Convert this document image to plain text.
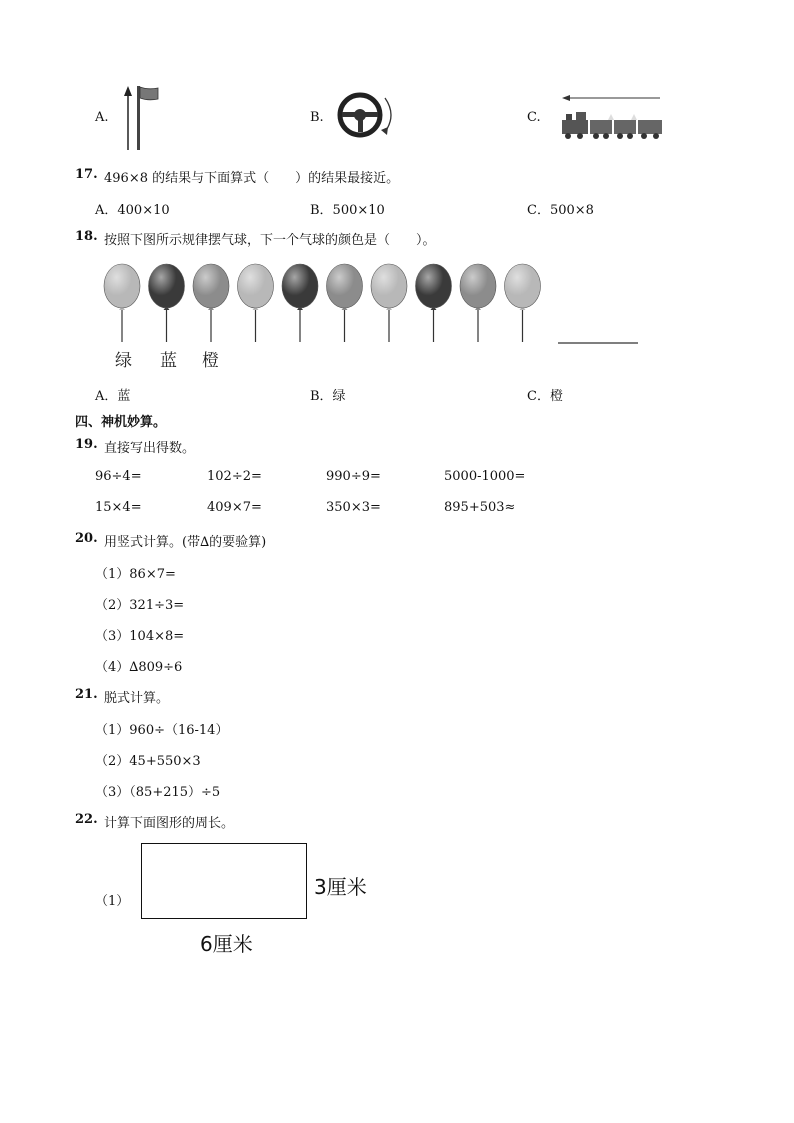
A.	B.	C.
17. 496×8 的结果与下面算式（　　）的结果最接近。
A．400×10	B．500×10	C．500×8
18. 按照下图所示规律摆气球，下一个气球的颜色是（　　）。
绿 蓝 橙
A．蓝	B．绿	C．橙
四、神机妙算。
19. 直接写出得数。
96÷4=	102÷2=	990÷9=	5000-1000=
15×4=	409×7=	350×3=	895+503≈
20. 用竖式计算。(带∆的要验算)
（1）86×7=
（2）321÷3=
（3）104×8=
（4）∆809÷6
21. 脱式计算。
（1）960÷（16-14）
（2）45+550×3
（3）（85+215）÷5
22. 计算下面图形的周长。
（1）
3厘米
6厘米
